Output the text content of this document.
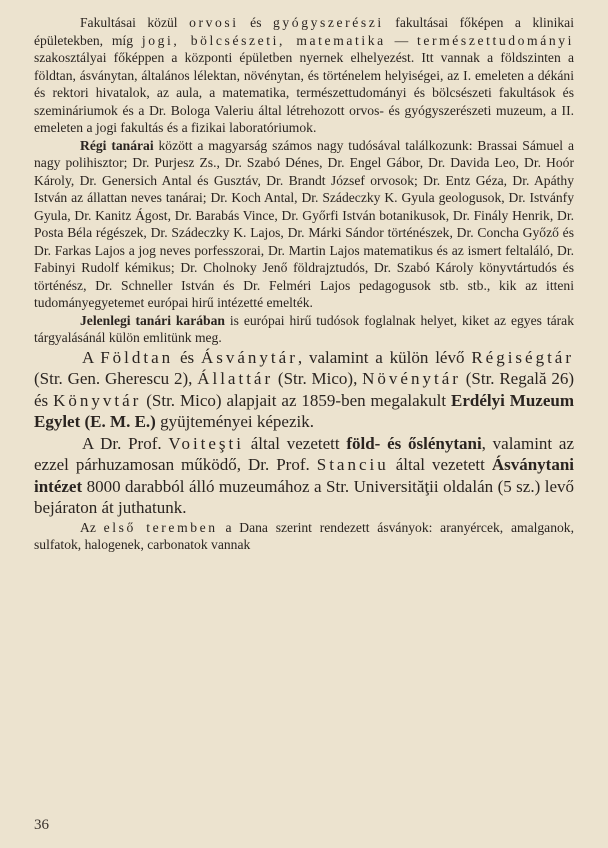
Fakultásai közül orvosi és gyógyszerészi fakultásai főképen a klinikai épületekben, míg jogi, bölcsészeti, matematika — természettudományi szakosztályai főképpen a központi épületben nyernek elhelyezést. Itt vannak a földszinten a földtan, ásványtan, általános lélektan, növénytan, és történelem helyiségei, az I. emeleten a dékáni és rektori hivatalok, az aula, a matematika, természettudományi és bölcsészeti fakultások és szemináriumok és a Dr. Bologa Valeriu által létrehozott orvos- és gyógyszerészeti muzeum, a II. emeleten a jogi fakultás és a fizikai laboratóriumok.

Régi tanárai között a magyarság számos nagy tudósával találkozunk: Brassai Sámuel a nagy polihisztor; Dr. Purjesz Zs., Dr. Szabó Dénes, Dr. Engel Gábor, Dr. Davida Leo, Dr. Hoór Károly, Dr. Genersich Antal és Gusztáv, Dr. Brandt József orvosok; Dr. Entz Géza, Dr. Apáthy István az állattan neves tanárai; Dr. Koch Antal, Dr. Szádeczky K. Gyula geologusok, Dr. Istvánfy Gyula, Dr. Kanitz Ágost, Dr. Barabás Vince, Dr. Győrfi István botanikusok, Dr. Finály Henrik, Dr. Posta Béla régészek, Dr. Szádeczky K. Lajos, Dr. Márki Sándor történészek, Dr. Concha Győző és Dr. Farkas Lajos a jog neves porfesszorai, Dr. Martin Lajos matematikus és az ismert feltaláló, Dr. Fabinyi Rudolf kémikus; Dr. Cholnoky Jenő földrajztudós, Dr. Szabó Károly könyvtártudós és történész, Dr. Schneller István és Dr. Felméri Lajos pedagogusok stb. stb., kik az itteni tudományegyetemet európai hirű intézetté emelték.

Jelenlegi tanári karában is európai hirű tudósok foglalnak helyet, kiket az egyes tárak tárgyalásánál külön emlitünk meg.

A Földtan és Ásványtár, valamint a külön lévő Régiségtár (Str. Gen. Gherescu 2), Állattár (Str. Mico), Növénytár (Str. Regală 26) és Könyvtár (Str. Mico) alapjait az 1859-ben megalakult Erdélyi Muzeum Egylet (E. M. E.) gyüjteményei képezik.

A Dr. Prof. Voiteşti által vezetett föld- és őslénytani, valamint az ezzel párhuzamosan működő, Dr. Prof. Stanciu által vezetett Ásványtani intézet 8000 darabból álló muzeumához a Str. Universităţii oldalán (5 sz.) levő bejáraton át juthatunk.

Az első teremben a Dana szerint rendezett ásványok: aranyércek, amalganok, sulfatok, halogenek, carbonatok vannak

36
